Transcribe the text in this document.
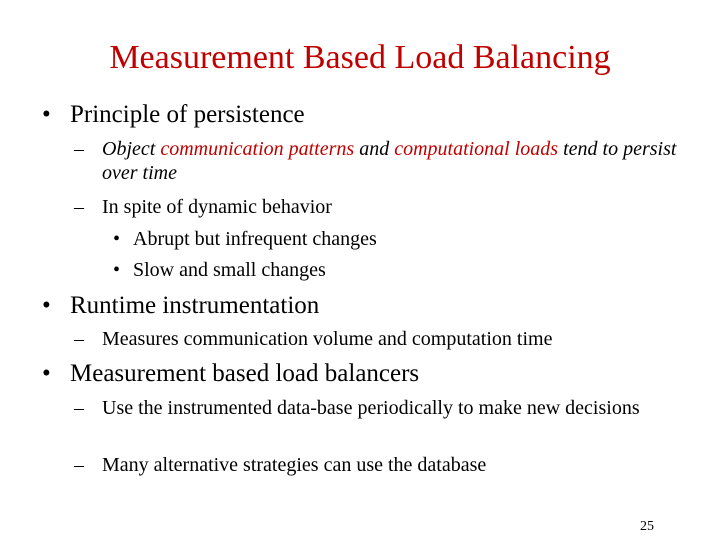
Measurement Based Load Balancing
• Principle of persistence
– Object communication patterns and computational loads tend to persist over time
– In spite of dynamic behavior
• Abrupt but infrequent changes
• Slow and small changes
• Runtime instrumentation
– Measures communication volume and computation time
• Measurement based load balancers
– Use the instrumented data-base periodically to make new decisions
– Many alternative strategies can use the database
25
